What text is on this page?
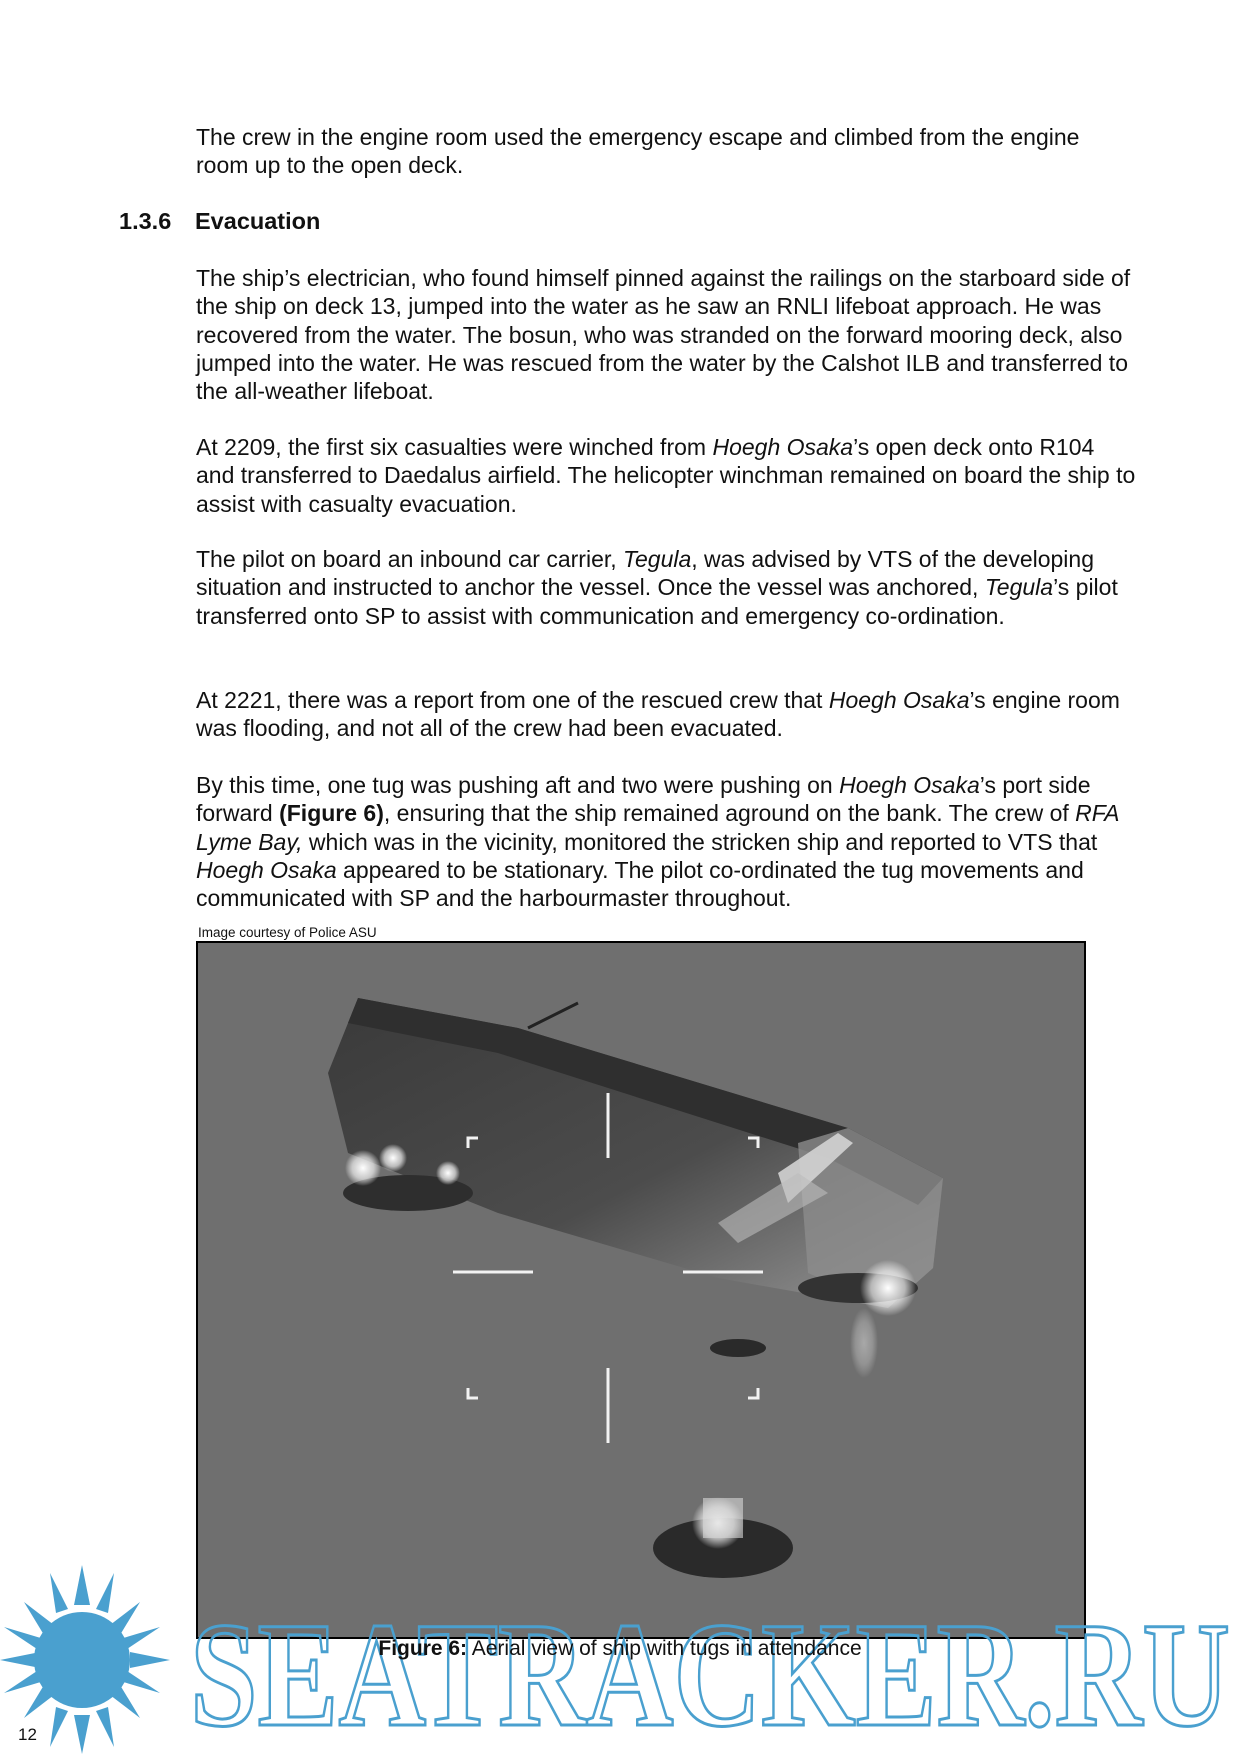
The crew in the engine room used the emergency escape and climbed from the engine room up to the open deck.

1.3.6 Evacuation

The ship’s electrician, who found himself pinned against the railings on the starboard side of the ship on deck 13, jumped into the water as he saw an RNLI lifeboat approach. He was recovered from the water. The bosun, who was stranded on the forward mooring deck, also jumped into the water. He was rescued from the water by the Calshot ILB and transferred to the all-weather lifeboat.

At 2209, the first six casualties were winched from Hoegh Osaka’s open deck onto R104 and transferred to Daedalus airfield. The helicopter winchman remained on board the ship to assist with casualty evacuation.

The pilot on board an inbound car carrier, Tegula, was advised by VTS of the developing situation and instructed to anchor the vessel. Once the vessel was anchored, Tegula’s pilot transferred onto SP to assist with communication and emergency co-ordination.

At 2221, there was a report from one of the rescued crew that Hoegh Osaka’s engine room was flooding, and not all of the crew had been evacuated.

By this time, one tug was pushing aft and two were pushing on Hoegh Osaka’s port side forward (Figure 6), ensuring that the ship remained aground on the bank. The crew of RFA Lyme Bay, which was in the vicinity, monitored the stricken ship and reported to VTS that Hoegh Osaka appeared to be stationary. The pilot co-ordinated the tug movements and communicated with SP and the harbourmaster throughout.

Image courtesy of Police ASU
SEATRACKER.RU
Figure 6: Aerial view of ship with tugs in attendance
12
